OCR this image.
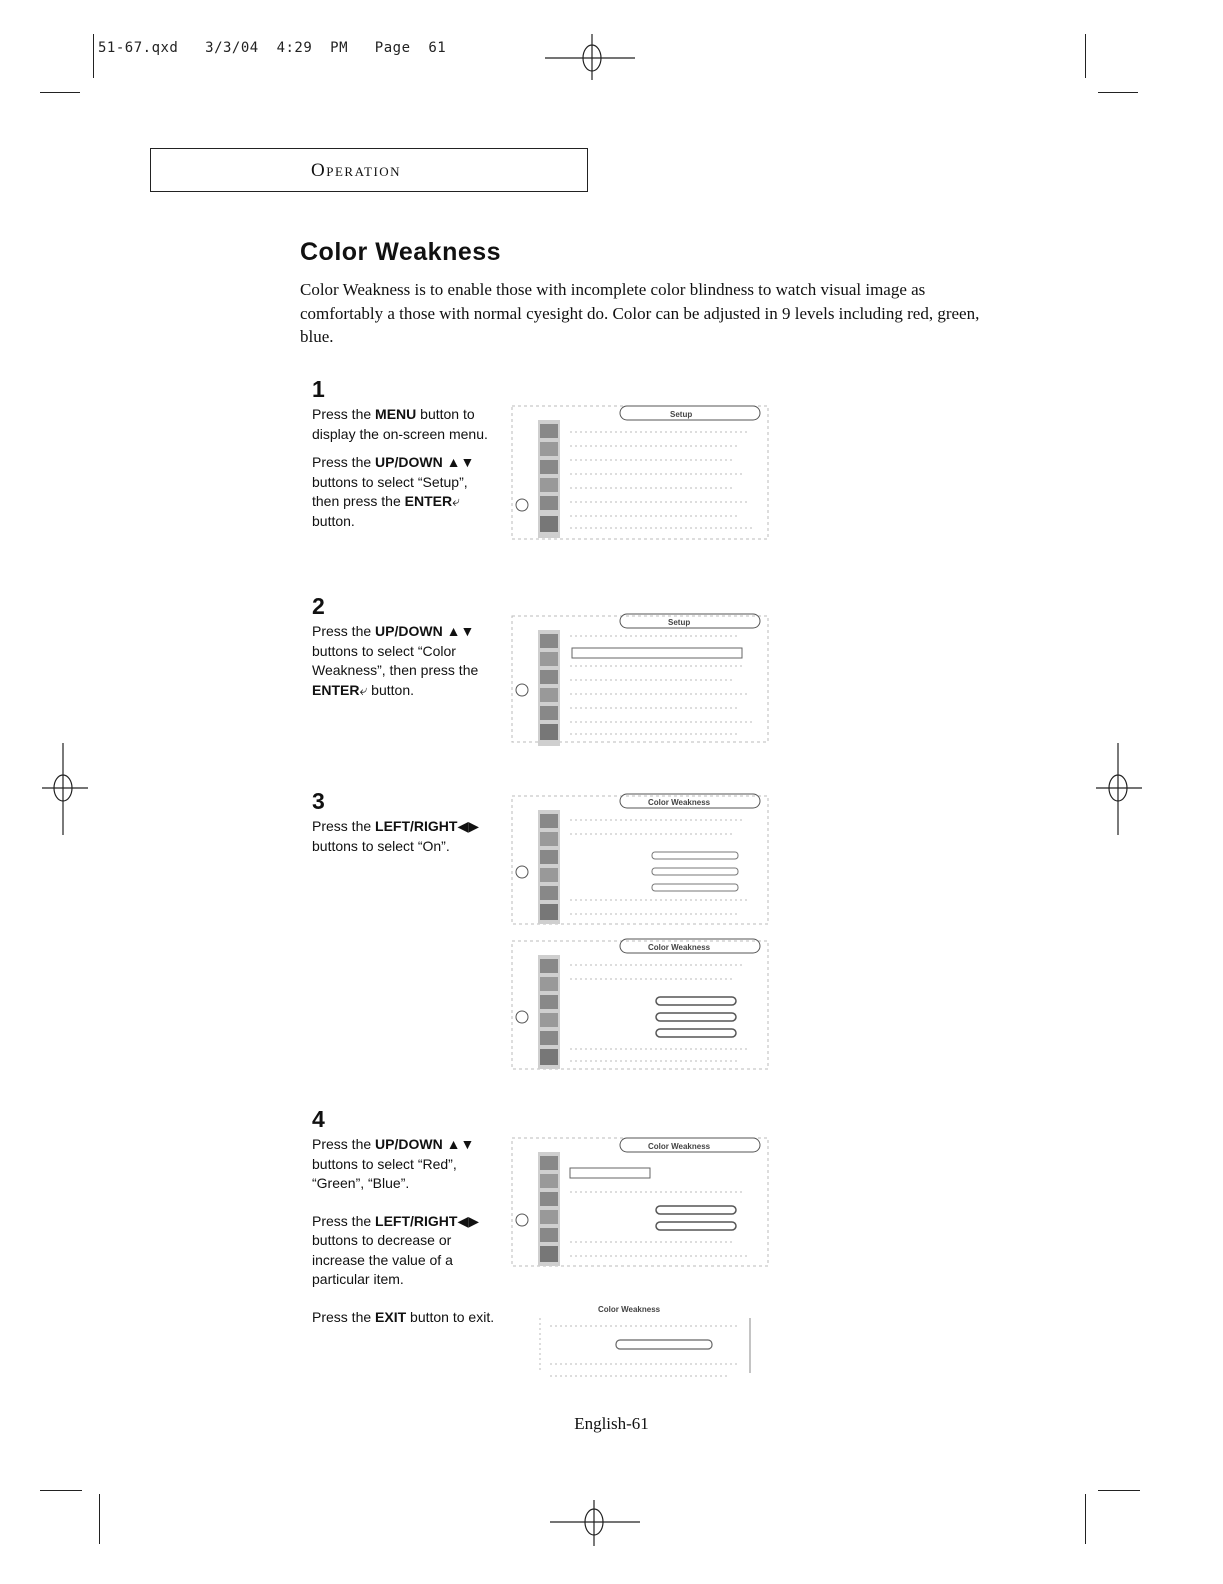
51-67.qxd   3/3/04  4:29  PM   Page  61
Operation
Color Weakness
Color Weakness is to enable those with incomplete color blindness to watch visual image as comfortably a those with normal cyesight do. Color can be adjusted in 9 levels including red, green, blue.
1

Press the MENU button to display the on-screen menu.

Press the UP/DOWN ▲▼ buttons to select “Setup”, then press the ENTER⤶ button.

2

Press the UP/DOWN ▲▼ buttons to select “Color Weakness”, then press the ENTER⤶ button.

3

Press the LEFT/RIGHT◀▶ buttons to select “On”.

4

Press the UP/DOWN ▲▼ buttons to select “Red”, “Green”, “Blue”.

Press the LEFT/RIGHT◀▶ buttons to decrease or increase the value of a particular item.

Press the EXIT button to exit.

Setup
Setup
Color Weakness
Color Weakness
Color Weakness
Color Weakness
English-61
